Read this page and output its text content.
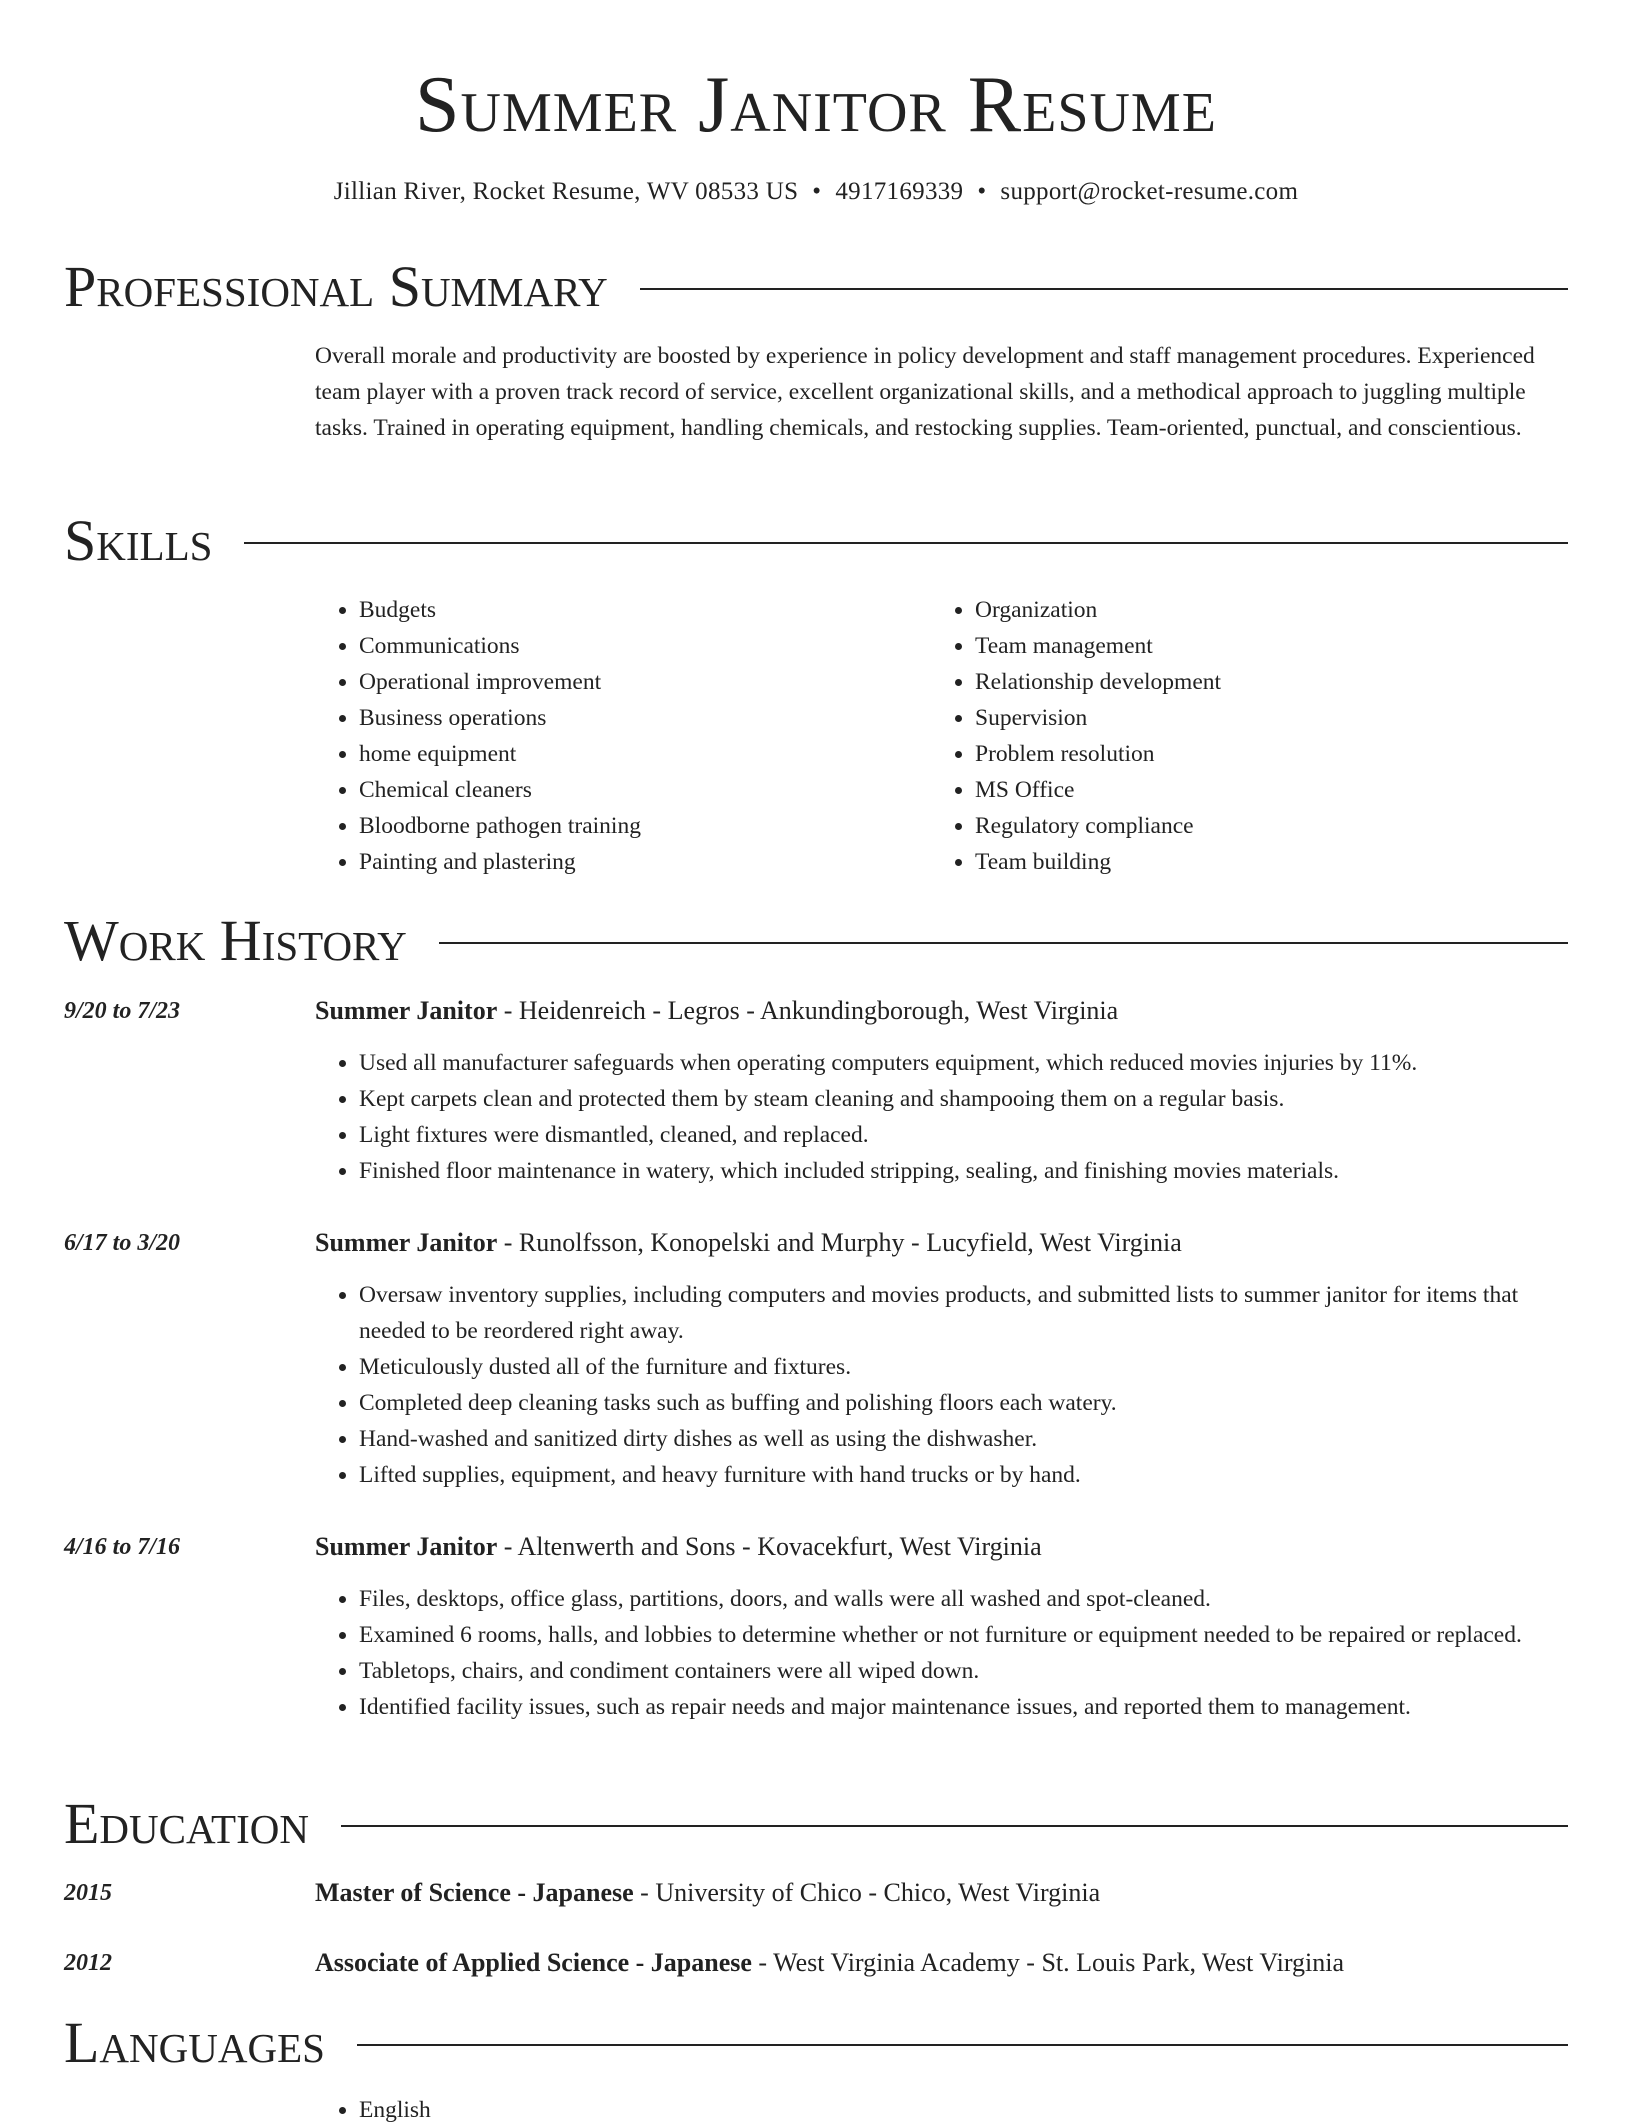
Summer Janitor Resume
Jillian River, Rocket Resume, WV 08533 US • 4917169339 • support@rocket-resume.com
Professional Summary

Overall morale and productivity are boosted by experience in policy development and staff management procedures. Experienced team player with a proven track record of service, excellent organizational skills, and a methodical approach to juggling multiple tasks. Trained in operating equipment, handling chemicals, and restocking supplies. Team-oriented, punctual, and conscientious.

Skills
• Budgets
• Communications
• Operational improvement
• Business operations
• home equipment
• Chemical cleaners
• Bloodborne pathogen training
• Painting and plastering
• Organization
• Team management
• Relationship development
• Supervision
• Problem resolution
• MS Office
• Regulatory compliance
• Team building
Work History
9/20 to 7/23	Summer Janitor - Heidenreich - Legros - Ankundingborough, West Virginia
• Used all manufacturer safeguards when operating computers equipment, which reduced movies injuries by 11%.
• Kept carpets clean and protected them by steam cleaning and shampooing them on a regular basis.
• Light fixtures were dismantled, cleaned, and replaced.
• Finished floor maintenance in watery, which included stripping, sealing, and finishing movies materials.
6/17 to 3/20	Summer Janitor - Runolfsson, Konopelski and Murphy - Lucyfield, West Virginia
• Oversaw inventory supplies, including computers and movies products, and submitted lists to summer janitor for items that needed to be reordered right away.
• Meticulously dusted all of the furniture and fixtures.
• Completed deep cleaning tasks such as buffing and polishing floors each watery.
• Hand-washed and sanitized dirty dishes as well as using the dishwasher.
• Lifted supplies, equipment, and heavy furniture with hand trucks or by hand.
4/16 to 7/16	Summer Janitor - Altenwerth and Sons - Kovacekfurt, West Virginia
• Files, desktops, office glass, partitions, doors, and walls were all washed and spot-cleaned.
• Examined 6 rooms, halls, and lobbies to determine whether or not furniture or equipment needed to be repaired or replaced.
• Tabletops, chairs, and condiment containers were all wiped down.
• Identified facility issues, such as repair needs and major maintenance issues, and reported them to management.
Education
2015	Master of Science - Japanese - University of Chico - Chico, West Virginia
2012	Associate of Applied Science - Japanese - West Virginia Academy - St. Louis Park, West Virginia
Languages
• English
